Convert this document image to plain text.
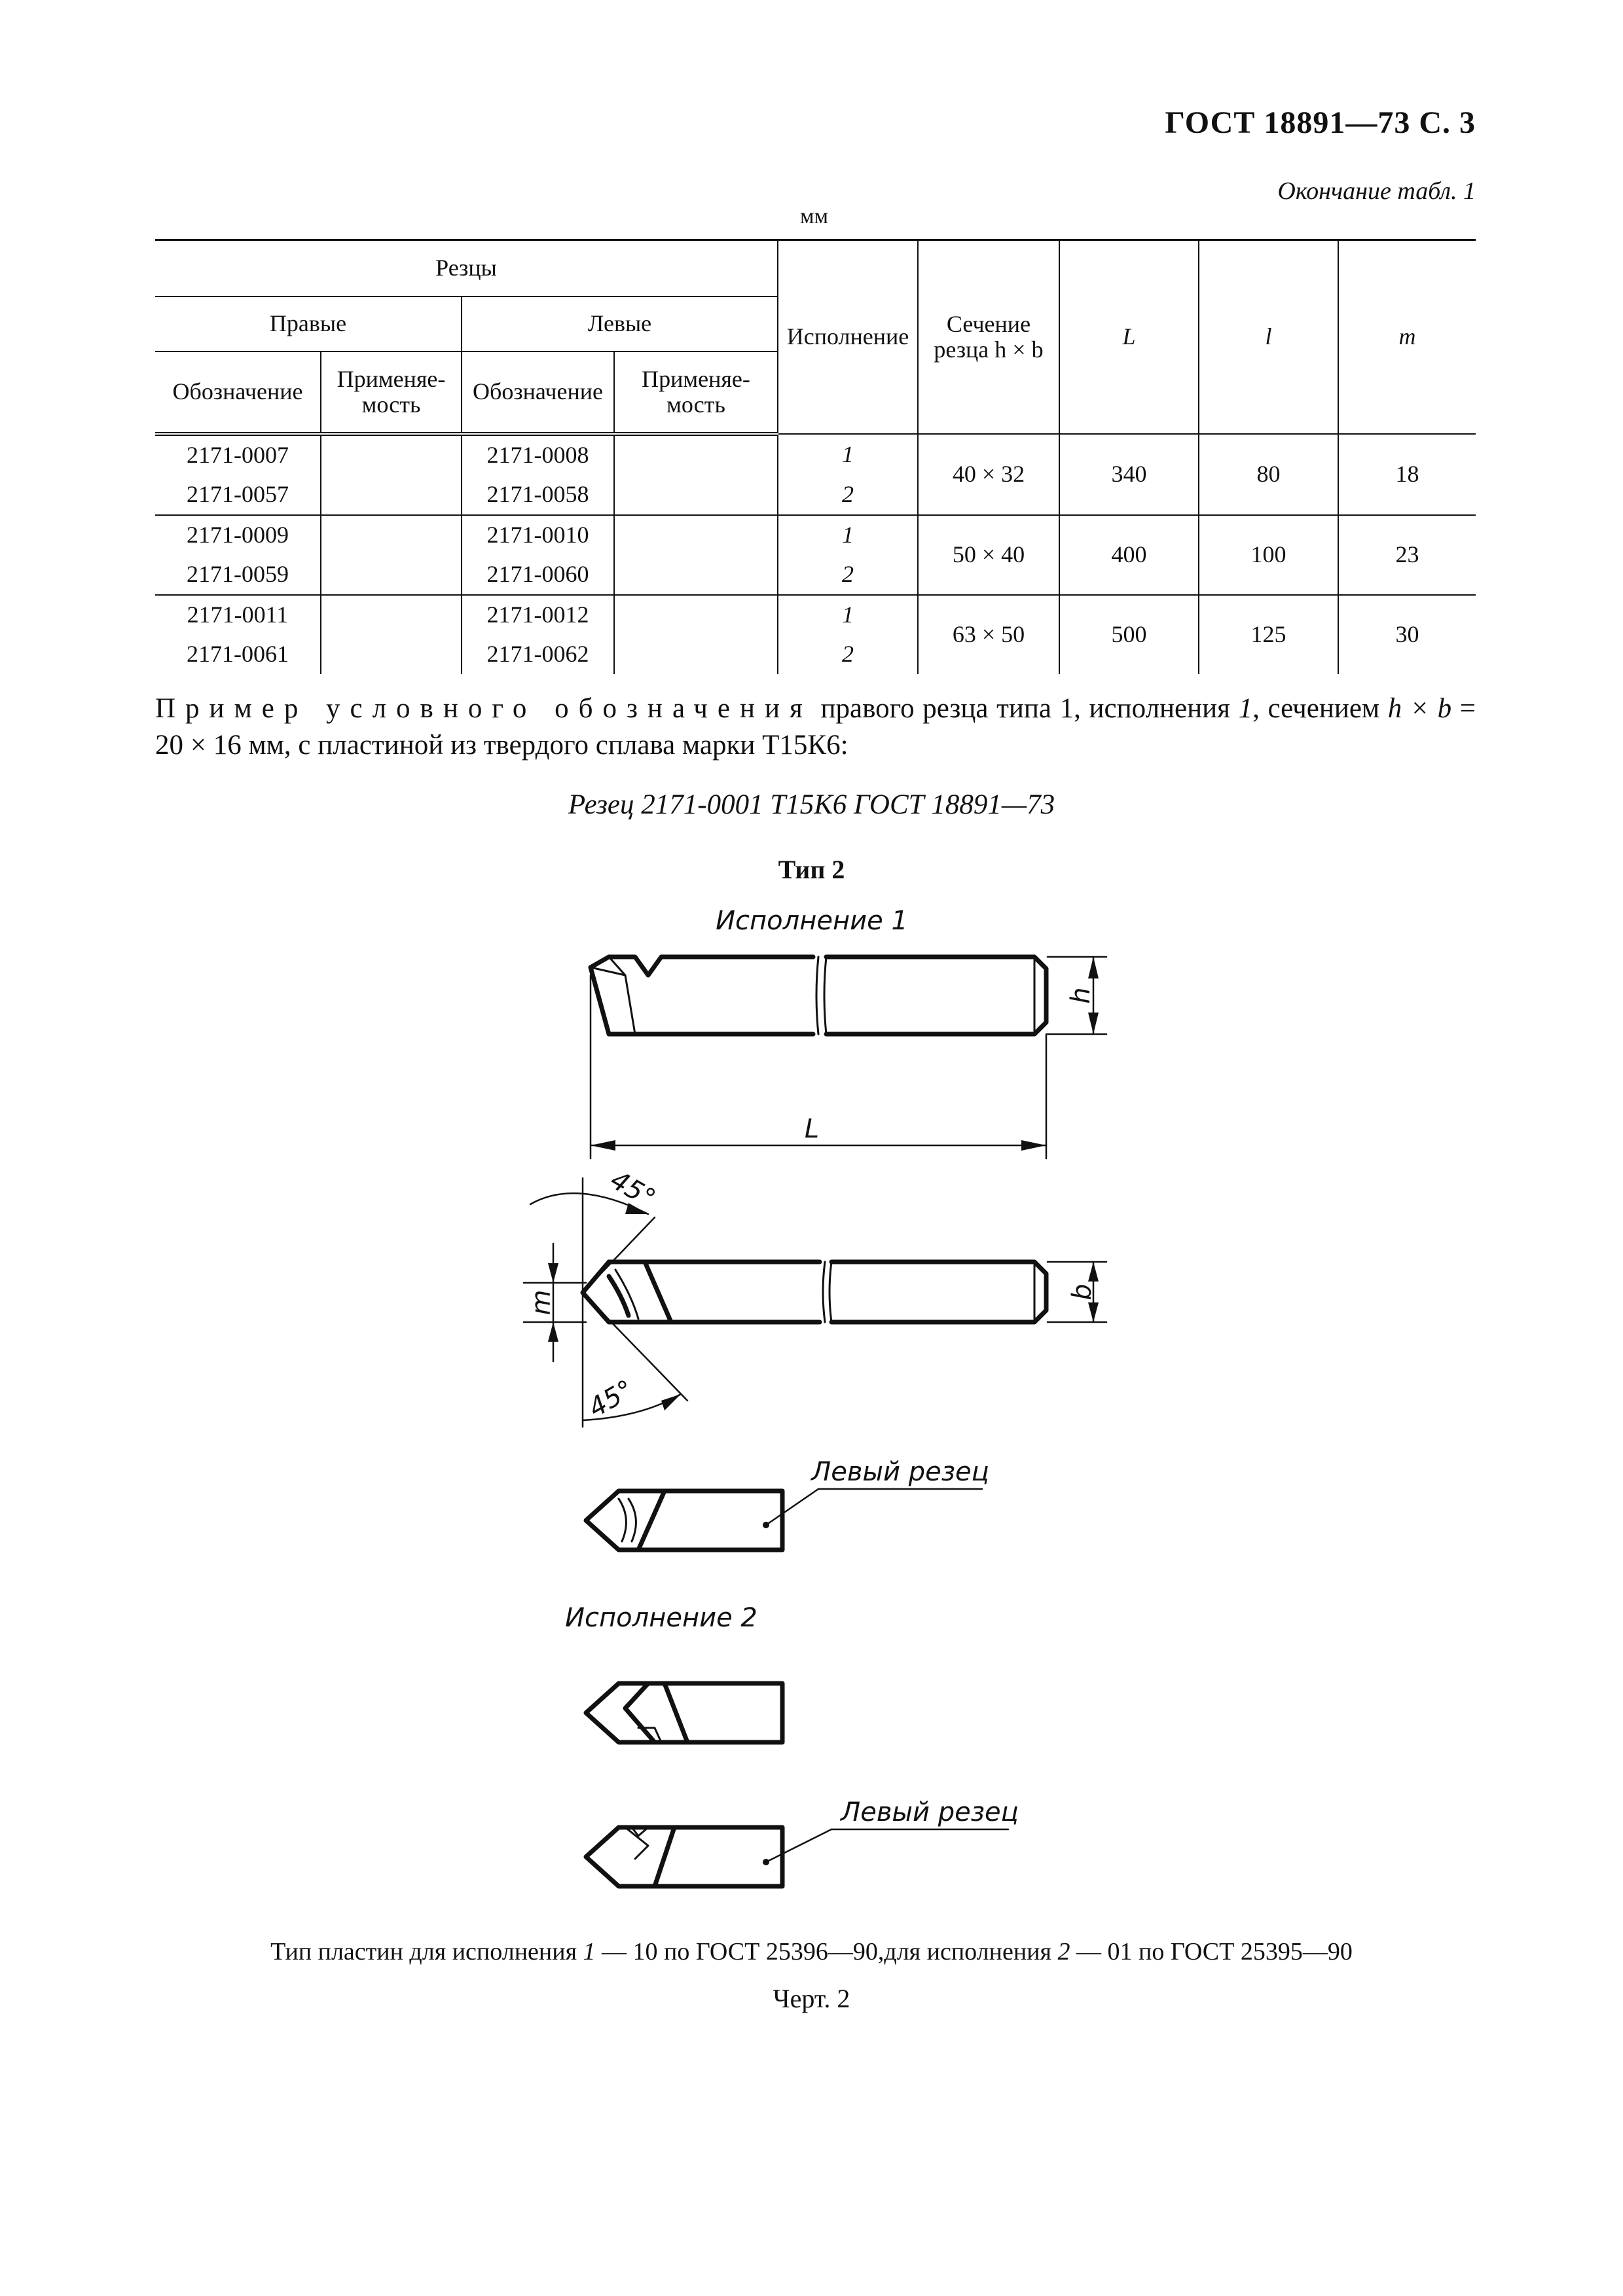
ГОСТ 18891—73 С. 3
Окончание табл. 1
мм
Резцы				Исполнение	Сечение резца h × b	L	l	m
Правые		Левые						
Обозначение	Применяе-мость	Обозначение	Применяе-мость					
2171-0007		2171-0008		1	40 × 32	340	80	18
2171-0057		2171-0058		2				
2171-0009		2171-0010		1	50 × 40	400	100	23
2171-0059		2171-0060		2				
2171-0011		2171-0012		1	63 × 50	500	125	30
2171-0061		2171-0062		2				
Пример условного обозначения правого резца типа 1, исполнения 1, сечением h × b = 20 × 16 мм, с пластиной из твердого сплава марки Т15К6:
Резец 2171-0001 Т15К6 ГОСТ 18891—73
Тип 2
Исполнение 1
L
h
b
m
45°
45°
Левый резец
Исполнение 2
Левый резец
Тип пластин для исполнения 1 — 10 по ГОСТ 25396—90,для исполнения 2 — 01 по ГОСТ 25395—90
Черт. 2
